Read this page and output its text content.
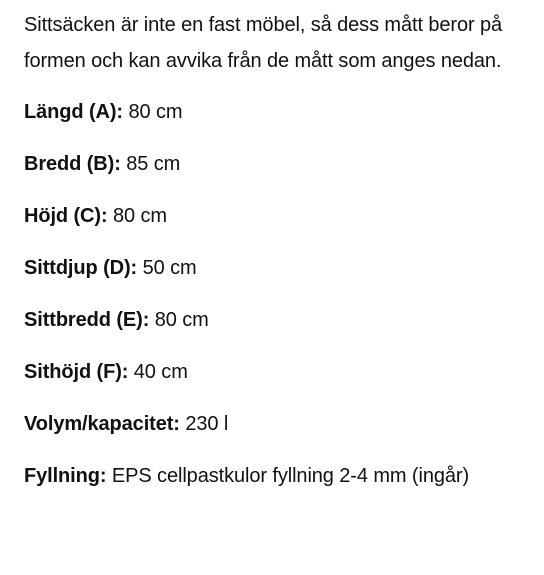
Sittsäcken är inte en fast möbel, så dess mått beror på formen och kan avvika från de mått som anges nedan.

Längd (A): 80 cm
Bredd (B): 85 cm
Höjd (C): 80 cm
Sittdjup (D): 50 cm
Sittbredd (E): 80 cm
Sithöjd (F): 40 cm
Volym/kapacitet: 230 l
Fyllning: EPS cellpastkulor fyllning 2-4 mm (ingår)
